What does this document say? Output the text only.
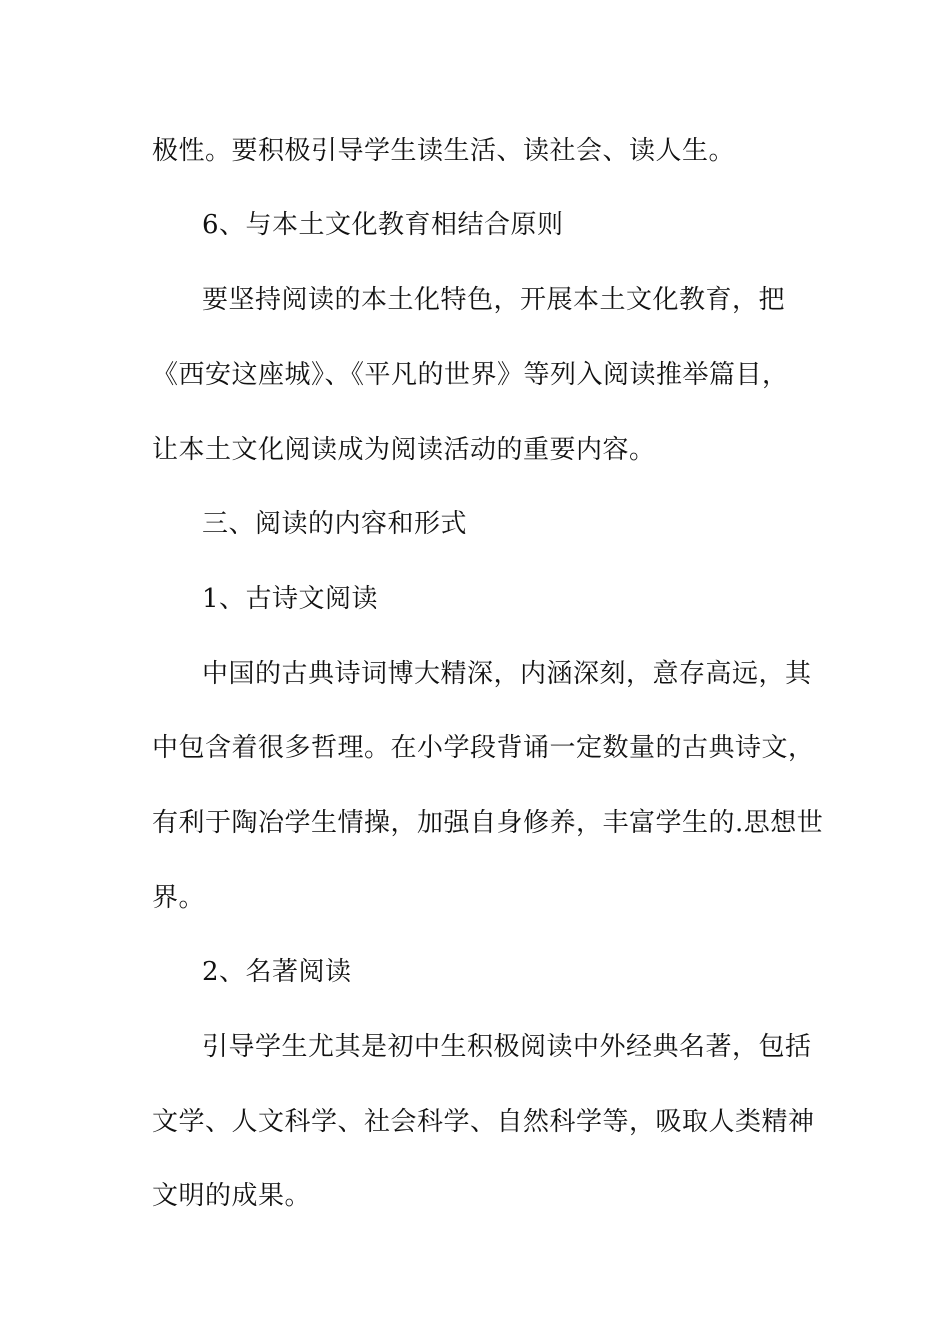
极性。要积极引导学生读生活、读社会、读人生。
6、与本土文化教育相结合原则
要坚持阅读的本土化特色，开展本土文化教育，把
《西安这座城》、《平凡的世界》等列入阅读推举篇目，
让本土文化阅读成为阅读活动的重要内容。
三、阅读的内容和形式
1、古诗文阅读
中国的古典诗词博大精深，内涵深刻，意存高远，其
中包含着很多哲理。在小学段背诵一定数量的古典诗文，
有利于陶冶学生情操，加强自身修养，丰富学生的.思想世
界。
2、名著阅读
引导学生尤其是初中生积极阅读中外经典名著，包括
文学、人文科学、社会科学、自然科学等，吸取人类精神
文明的成果。
